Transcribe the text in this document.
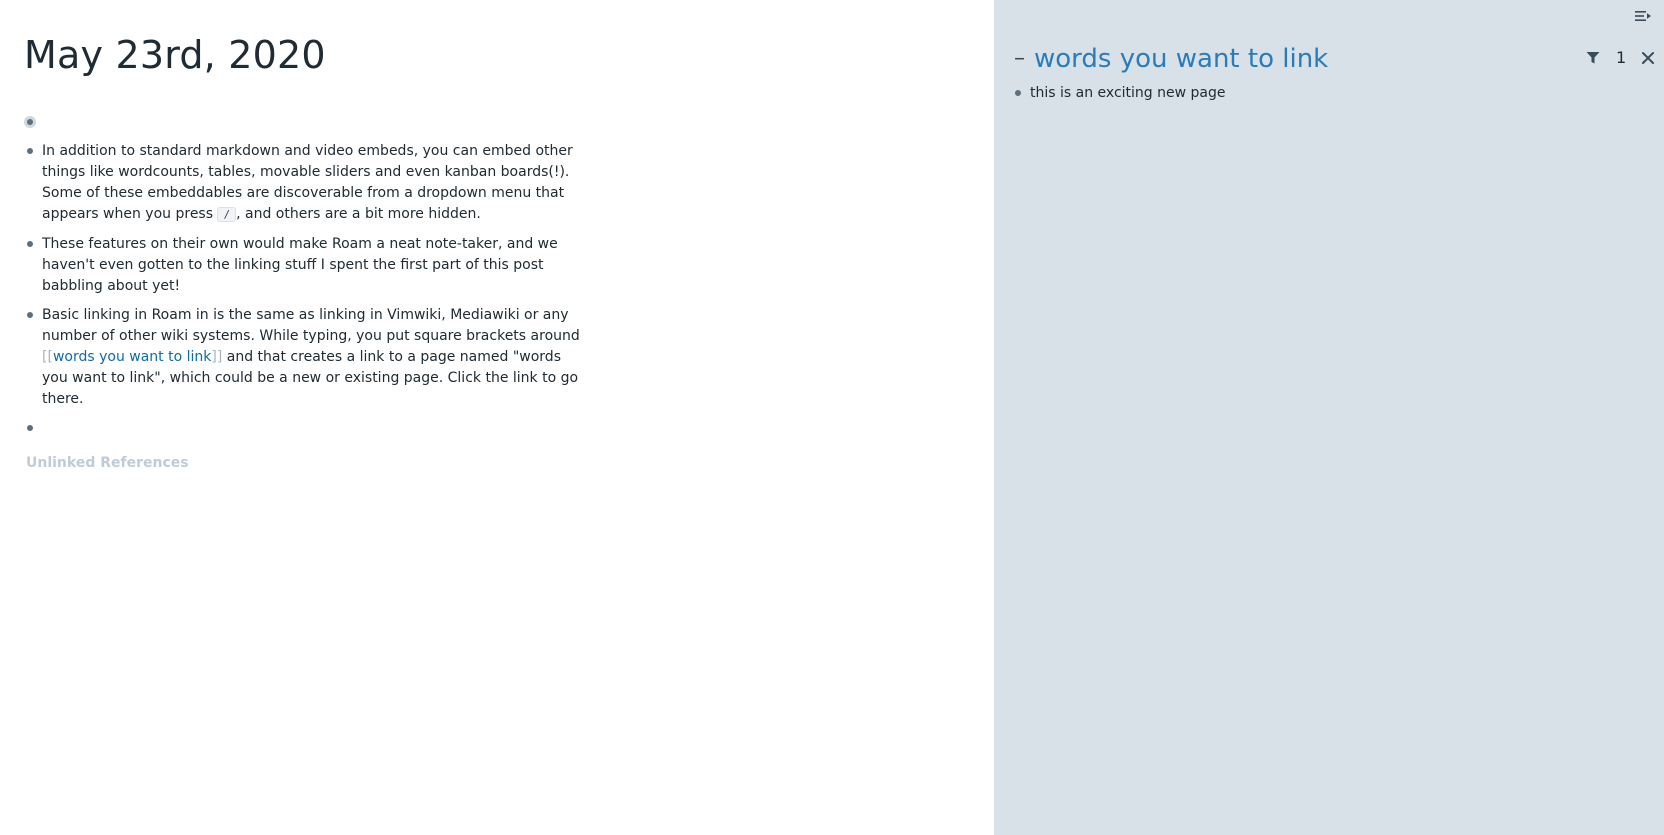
May 23rd, 2020
In addition to standard markdown and video embeds, you can embed other things like wordcounts, tables, movable sliders and even kanban boards(!). Some of these embeddables are discoverable from a dropdown menu that appears when you press / , and others are a bit more hidden.
These features on their own would make Roam a neat note-taker, and we haven't even gotten to the linking stuff I spent the first part of this post babbling about yet!
Basic linking in Roam in is the same as linking in Vimwiki, Mediawiki or any number of other wiki systems. While typing, you put square brackets around [[words you want to link]] and that creates a link to a page named "words you want to link", which could be a new or existing page. Click the link to go there.
Unlinked References
– words you want to link	1
this is an exciting new page
